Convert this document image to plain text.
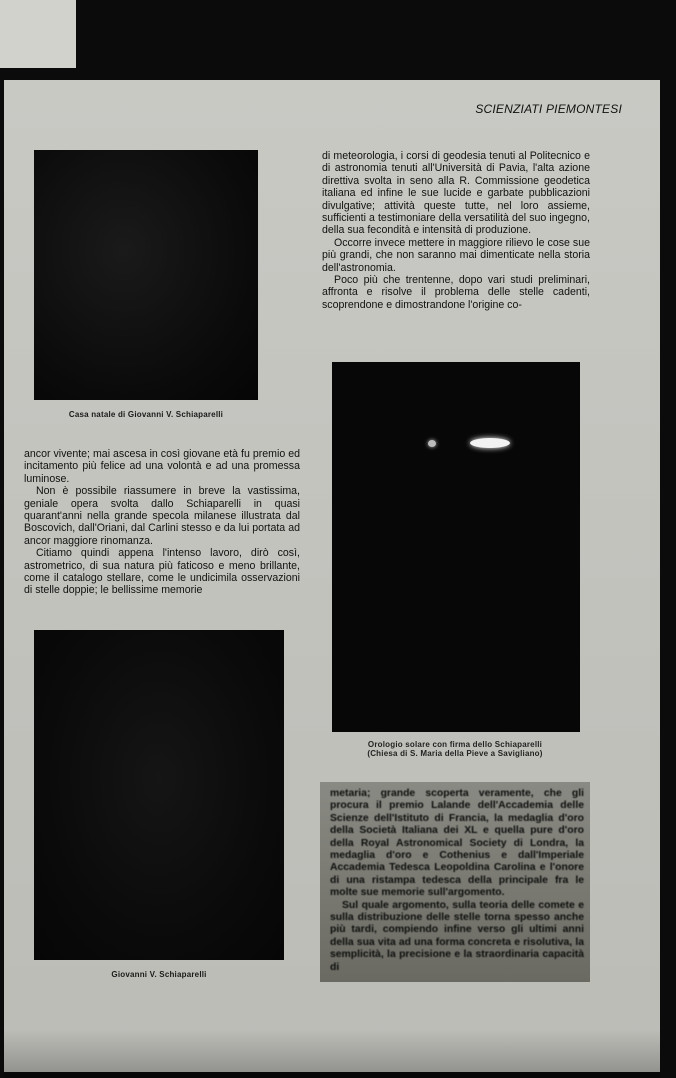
SCIENZIATI PIEMONTESI
Casa natale di Giovanni V. Schiaparelli

di meteorologia, i corsi di geodesia tenuti al Politecnico e di astronomia tenuti all'Università di Pavia, l'alta azione direttiva svolta in seno alla R. Commissione geodetica italiana ed infine le sue lucide e garbate pubblicazioni divulgative; attività queste tutte, nel loro assieme, sufficienti a testimoniare della versatilità del suo ingegno, della sua fecondità e intensità di produzione.

Occorre invece mettere in maggiore rilievo le cose sue più grandi, che non saranno mai dimenticate nella storia dell'astronomia.

Poco più che trentenne, dopo vari studi preliminari, affronta e risolve il problema delle stelle cadenti, scoprendone e dimostrandone l'origine co-

ancor vivente; mai ascesa in così giovane età fu premio ed incitamento più felice ad una volontà e ad una promessa luminose.

Non è possibile riassumere in breve la vastissima, geniale opera svolta dallo Schiaparelli in quasi quarant'anni nella grande specola milanese illustrata dal Boscovich, dall'Oriani, dal Carlini stesso e da lui portata ad ancor maggiore rinomanza.

Citiamo quindi appena l'intenso lavoro, dirò così, astrometrico, di sua natura più faticoso e meno brillante, come il catalogo stellare, come le undicimila osservazioni di stelle doppie; le bellissime memorie

Orologio solare con firma dello Schiaparelli
(Chiesa di S. Maria della Pieve a Savigliano)

metaria; grande scoperta veramente, che gli procura il premio Lalande dell'Accademia delle Scienze dell'Istituto di Francia, la medaglia d'oro della Società Italiana dei XL e quella pure d'oro della Royal Astronomical Society di Londra, la medaglia d'oro e Cothenius e dall'Imperiale Accademia Tedesca Leopoldina Carolina e l'onore di una ristampa tedesca della principale fra le molte sue memorie sull'argomento.

Sul quale argomento, sulla teoria delle comete e sulla distribuzione delle stelle torna spesso anche più tardi, compiendo infine verso gli ultimi anni della sua vita ad una forma concreta e risolutiva, la semplicità, la precisione e la straordinaria capacità di

Giovanni V. Schiaparelli
